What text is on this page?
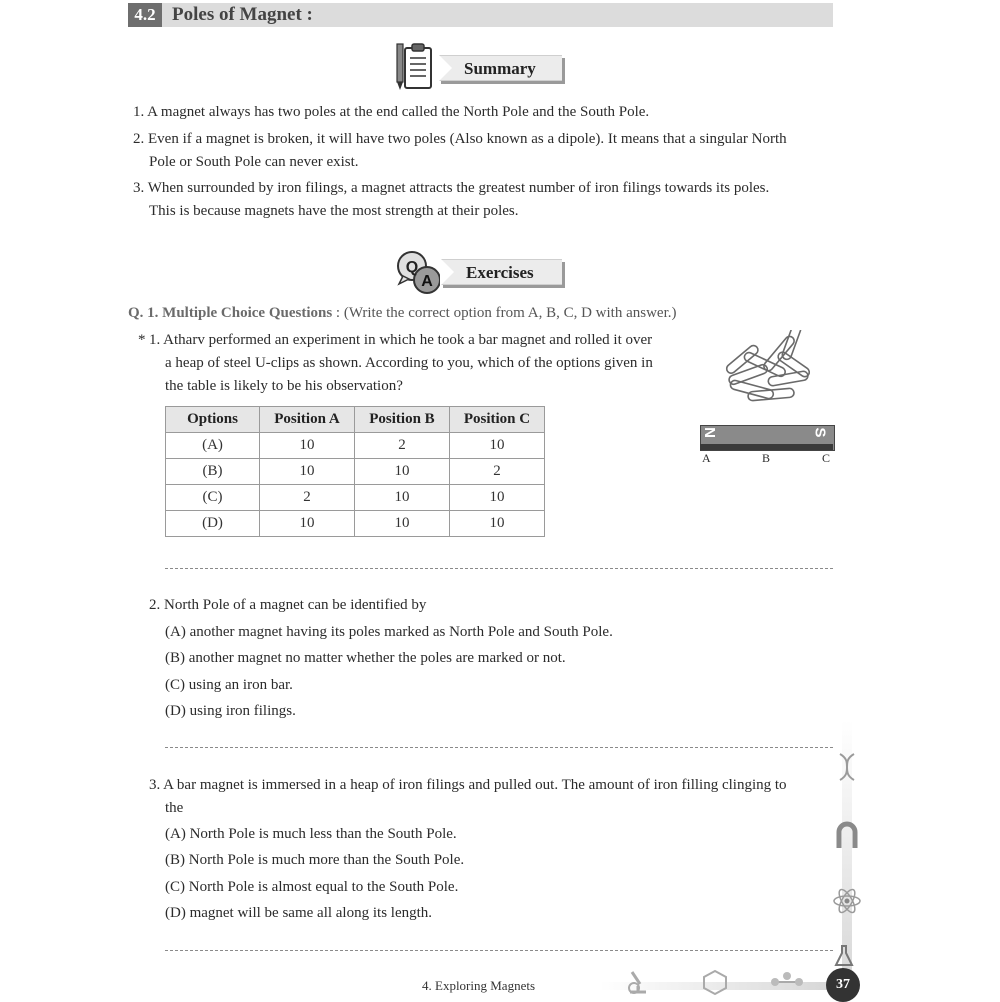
4.2 Poles of Magnet :
Summary
1. A magnet always has two poles at the end called the North Pole and the South Pole.
2. Even if a magnet is broken, it will have two poles (Also known as a dipole). It means that a singular North
Pole or South Pole can never exist.
3. When surrounded by iron filings, a magnet attracts the greatest number of iron filings towards its poles.
This is because magnets have the most strength at their poles.
Q
A	Exercises
Q. 1. Multiple Choice Questions : (Write the correct option from A, B, C, D with answer.)
* 1. Atharv performed an experiment in which he took a bar magnet and rolled it over
a heap of steel U-clips as shown. According to you, which of the options given in
the table is likely to be his observation?
Options	Position A	Position B	Position C
(A)	10	2	10
(B)	10	10	2
(C)	2	10	10
(D)	10	10	10
N	S
A	B	C
2. North Pole of a magnet can be identified by
(A) another magnet having its poles marked as North Pole and South Pole.
(B) another magnet no matter whether the poles are marked or not.
(C) using an iron bar.
(D) using iron filings.
3. A bar magnet is immersed in a heap of iron filings and pulled out. The amount of iron filling clinging to
the
(A) North Pole is much less than the South Pole.
(B) North Pole is much more than the South Pole.
(C) North Pole is almost equal to the South Pole.
(D) magnet will be same all along its length.
4. Exploring Magnets	37
